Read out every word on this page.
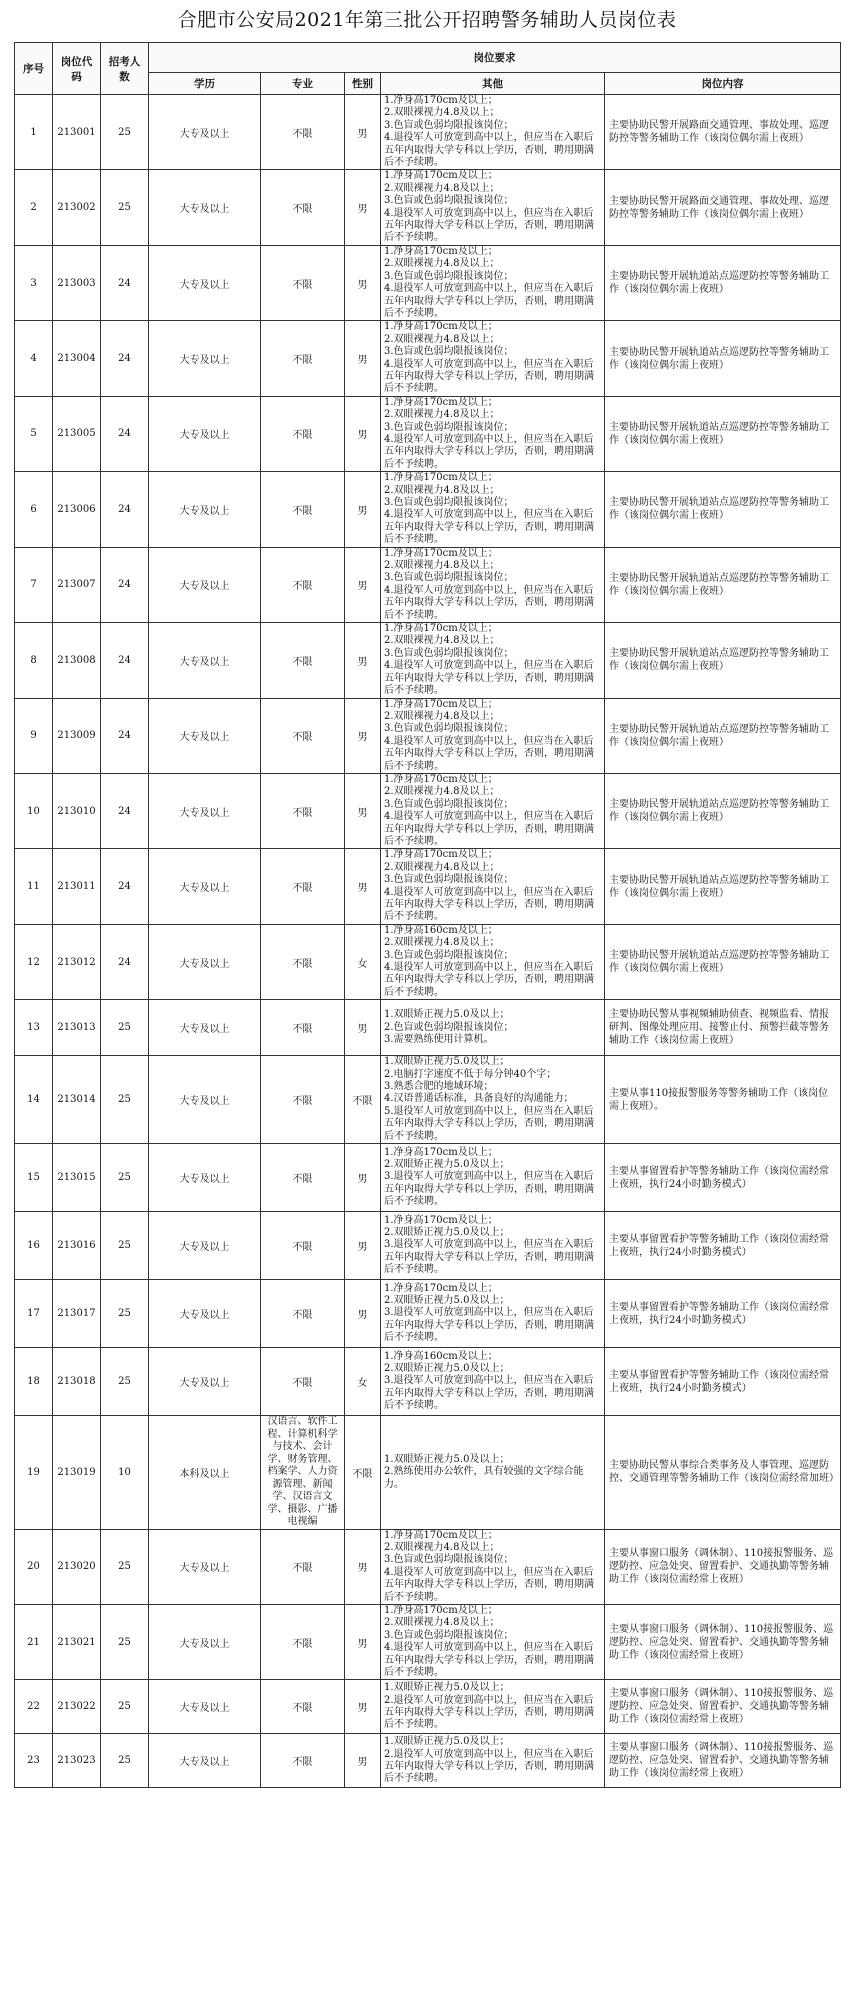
合肥市公安局2021年第三批公开招聘警务辅助人员岗位表
序号	岗位代码	招考人数	岗位要求				
			学历	专业	性别	其他	岗位内容
1	213001	25	大专及以上	不限	男	1.净身高170cm及以上；
2.双眼裸视力4.8及以上；
3.色盲或色弱均限报该岗位；
4.退役军人可放宽到高中以上，但应当在入职后五年内取得大学专科以上学历，否则，聘用期满后不予续聘。	主要协助民警开展路面交通管理、事故处理、巡逻防控等警务辅助工作（该岗位偶尔需上夜班）
2	213002	25	大专及以上	不限	男	1.净身高170cm及以上；
2.双眼裸视力4.8及以上；
3.色盲或色弱均限报该岗位；
4.退役军人可放宽到高中以上，但应当在入职后五年内取得大学专科以上学历，否则，聘用期满后不予续聘。	主要协助民警开展路面交通管理、事故处理、巡逻防控等警务辅助工作（该岗位偶尔需上夜班）
3	213003	24	大专及以上	不限	男	1.净身高170cm及以上；
2.双眼裸视力4.8及以上；
3.色盲或色弱均限报该岗位；
4.退役军人可放宽到高中以上，但应当在入职后五年内取得大学专科以上学历，否则，聘用期满后不予续聘。	主要协助民警开展轨道站点巡逻防控等警务辅助工作（该岗位偶尔需上夜班）
4	213004	24	大专及以上	不限	男	1.净身高170cm及以上；
2.双眼裸视力4.8及以上；
3.色盲或色弱均限报该岗位；
4.退役军人可放宽到高中以上，但应当在入职后五年内取得大学专科以上学历，否则，聘用期满后不予续聘。	主要协助民警开展轨道站点巡逻防控等警务辅助工作（该岗位偶尔需上夜班）
5	213005	24	大专及以上	不限	男	1.净身高170cm及以上；
2.双眼裸视力4.8及以上；
3.色盲或色弱均限报该岗位；
4.退役军人可放宽到高中以上，但应当在入职后五年内取得大学专科以上学历，否则，聘用期满后不予续聘。	主要协助民警开展轨道站点巡逻防控等警务辅助工作（该岗位偶尔需上夜班）
6	213006	24	大专及以上	不限	男	1.净身高170cm及以上；
2.双眼裸视力4.8及以上；
3.色盲或色弱均限报该岗位；
4.退役军人可放宽到高中以上，但应当在入职后五年内取得大学专科以上学历，否则，聘用期满后不予续聘。	主要协助民警开展轨道站点巡逻防控等警务辅助工作（该岗位偶尔需上夜班）
7	213007	24	大专及以上	不限	男	1.净身高170cm及以上；
2.双眼裸视力4.8及以上；
3.色盲或色弱均限报该岗位；
4.退役军人可放宽到高中以上，但应当在入职后五年内取得大学专科以上学历，否则，聘用期满后不予续聘。	主要协助民警开展轨道站点巡逻防控等警务辅助工作（该岗位偶尔需上夜班）
8	213008	24	大专及以上	不限	男	1.净身高170cm及以上；
2.双眼裸视力4.8及以上；
3.色盲或色弱均限报该岗位；
4.退役军人可放宽到高中以上，但应当在入职后五年内取得大学专科以上学历，否则，聘用期满后不予续聘。	主要协助民警开展轨道站点巡逻防控等警务辅助工作（该岗位偶尔需上夜班）
9	213009	24	大专及以上	不限	男	1.净身高170cm及以上；
2.双眼裸视力4.8及以上；
3.色盲或色弱均限报该岗位；
4.退役军人可放宽到高中以上，但应当在入职后五年内取得大学专科以上学历，否则，聘用期满后不予续聘。	主要协助民警开展轨道站点巡逻防控等警务辅助工作（该岗位偶尔需上夜班）
10	213010	24	大专及以上	不限	男	1.净身高170cm及以上；
2.双眼裸视力4.8及以上；
3.色盲或色弱均限报该岗位；
4.退役军人可放宽到高中以上，但应当在入职后五年内取得大学专科以上学历，否则，聘用期满后不予续聘。	主要协助民警开展轨道站点巡逻防控等警务辅助工作（该岗位偶尔需上夜班）
11	213011	24	大专及以上	不限	男	1.净身高170cm及以上；
2.双眼裸视力4.8及以上；
3.色盲或色弱均限报该岗位；
4.退役军人可放宽到高中以上，但应当在入职后五年内取得大学专科以上学历，否则，聘用期满后不予续聘。	主要协助民警开展轨道站点巡逻防控等警务辅助工作（该岗位偶尔需上夜班）
12	213012	24	大专及以上	不限	女	1.净身高160cm及以上；
2.双眼裸视力4.8及以上；
3.色盲或色弱均限报该岗位；
4.退役军人可放宽到高中以上，但应当在入职后五年内取得大学专科以上学历，否则，聘用期满后不予续聘。	主要协助民警开展轨道站点巡逻防控等警务辅助工作（该岗位偶尔需上夜班）
13	213013	25	大专及以上	不限	男	1.双眼矫正视力5.0及以上；
2.色盲或色弱均限报该岗位；
3.需要熟练使用计算机。	主要协助民警从事视频辅助侦查、视频监看、情报研判、图像处理应用、接警止付、预警拦截等警务辅助工作（该岗位需上夜班）
14	213014	25	大专及以上	不限	不限	1.双眼矫正视力5.0及以上；
2.电脑打字速度不低于每分钟40个字；
3.熟悉合肥的地域环境；
4.汉语普通话标准，具备良好的沟通能力；
5.退役军人可放宽到高中以上，但应当在入职后五年内取得大学专科以上学历，否则，聘用期满后不予续聘。	主要从事110接报警服务等警务辅助工作（该岗位需上夜班）。
15	213015	25	大专及以上	不限	男	1.净身高170cm及以上；
2.双眼矫正视力5.0及以上；
3.退役军人可放宽到高中以上，但应当在入职后五年内取得大学专科以上学历，否则，聘用期满后不予续聘。	主要从事留置看护等警务辅助工作（该岗位需经常上夜班，执行24小时勤务模式）
16	213016	25	大专及以上	不限	男	1.净身高170cm及以上；
2.双眼矫正视力5.0及以上；
3.退役军人可放宽到高中以上，但应当在入职后五年内取得大学专科以上学历，否则，聘用期满后不予续聘。	主要从事留置看护等警务辅助工作（该岗位需经常上夜班，执行24小时勤务模式）
17	213017	25	大专及以上	不限	男	1.净身高170cm及以上；
2.双眼矫正视力5.0及以上；
3.退役军人可放宽到高中以上，但应当在入职后五年内取得大学专科以上学历，否则，聘用期满后不予续聘。	主要从事留置看护等警务辅助工作（该岗位需经常上夜班，执行24小时勤务模式）
18	213018	25	大专及以上	不限	女	1.净身高160cm及以上；
2.双眼矫正视力5.0及以上；
3.退役军人可放宽到高中以上，但应当在入职后五年内取得大学专科以上学历，否则，聘用期满后不予续聘。	主要从事留置看护等警务辅助工作（该岗位需经常上夜班，执行24小时勤务模式）
19	213019	10	本科及以上	汉语言、软件工程、计算机科学与技术、会计学、财务管理、档案学、人力资源管理、新闻学、汉语言文学、摄影、广播电视编	不限	1.双眼矫正视力5.0及以上；
2.熟练使用办公软件，具有较强的文字综合能力。	主要协助民警从事综合类事务及人事管理、巡逻防控、交通管理等警务辅助工作（该岗位需经常加班）
20	213020	25	大专及以上	不限	男	1.净身高170cm及以上；
2.双眼裸视力4.8及以上；
3.色盲或色弱均限报该岗位；
4.退役军人可放宽到高中以上，但应当在入职后五年内取得大学专科以上学历，否则，聘用期满后不予续聘。	主要从事窗口服务（调休制）、110接报警服务、巡逻防控、应急处突、留置看护、交通执勤等警务辅助工作（该岗位需经常上夜班）
21	213021	25	大专及以上	不限	男	1.净身高170cm及以上；
2.双眼裸视力4.8及以上；
3.色盲或色弱均限报该岗位；
4.退役军人可放宽到高中以上，但应当在入职后五年内取得大学专科以上学历，否则，聘用期满后不予续聘。	主要从事窗口服务（调休制）、110接报警服务、巡逻防控、应急处突、留置看护、交通执勤等警务辅助工作（该岗位需经常上夜班）
22	213022	25	大专及以上	不限	男	1.双眼矫正视力5.0及以上；
2.退役军人可放宽到高中以上，但应当在入职后五年内取得大学专科以上学历，否则，聘用期满后不予续聘。	主要从事窗口服务（调休制）、110接报警服务、巡逻防控、应急处突、留置看护、交通执勤等警务辅助工作（该岗位需经常上夜班）
23	213023	25	大专及以上	不限	男	1.双眼矫正视力5.0及以上；
2.退役军人可放宽到高中以上，但应当在入职后五年内取得大学专科以上学历，否则，聘用期满后不予续聘。	主要从事窗口服务（调休制）、110接报警服务、巡逻防控、应急处突、留置看护、交通执勤等警务辅助工作（该岗位需经常上夜班）
